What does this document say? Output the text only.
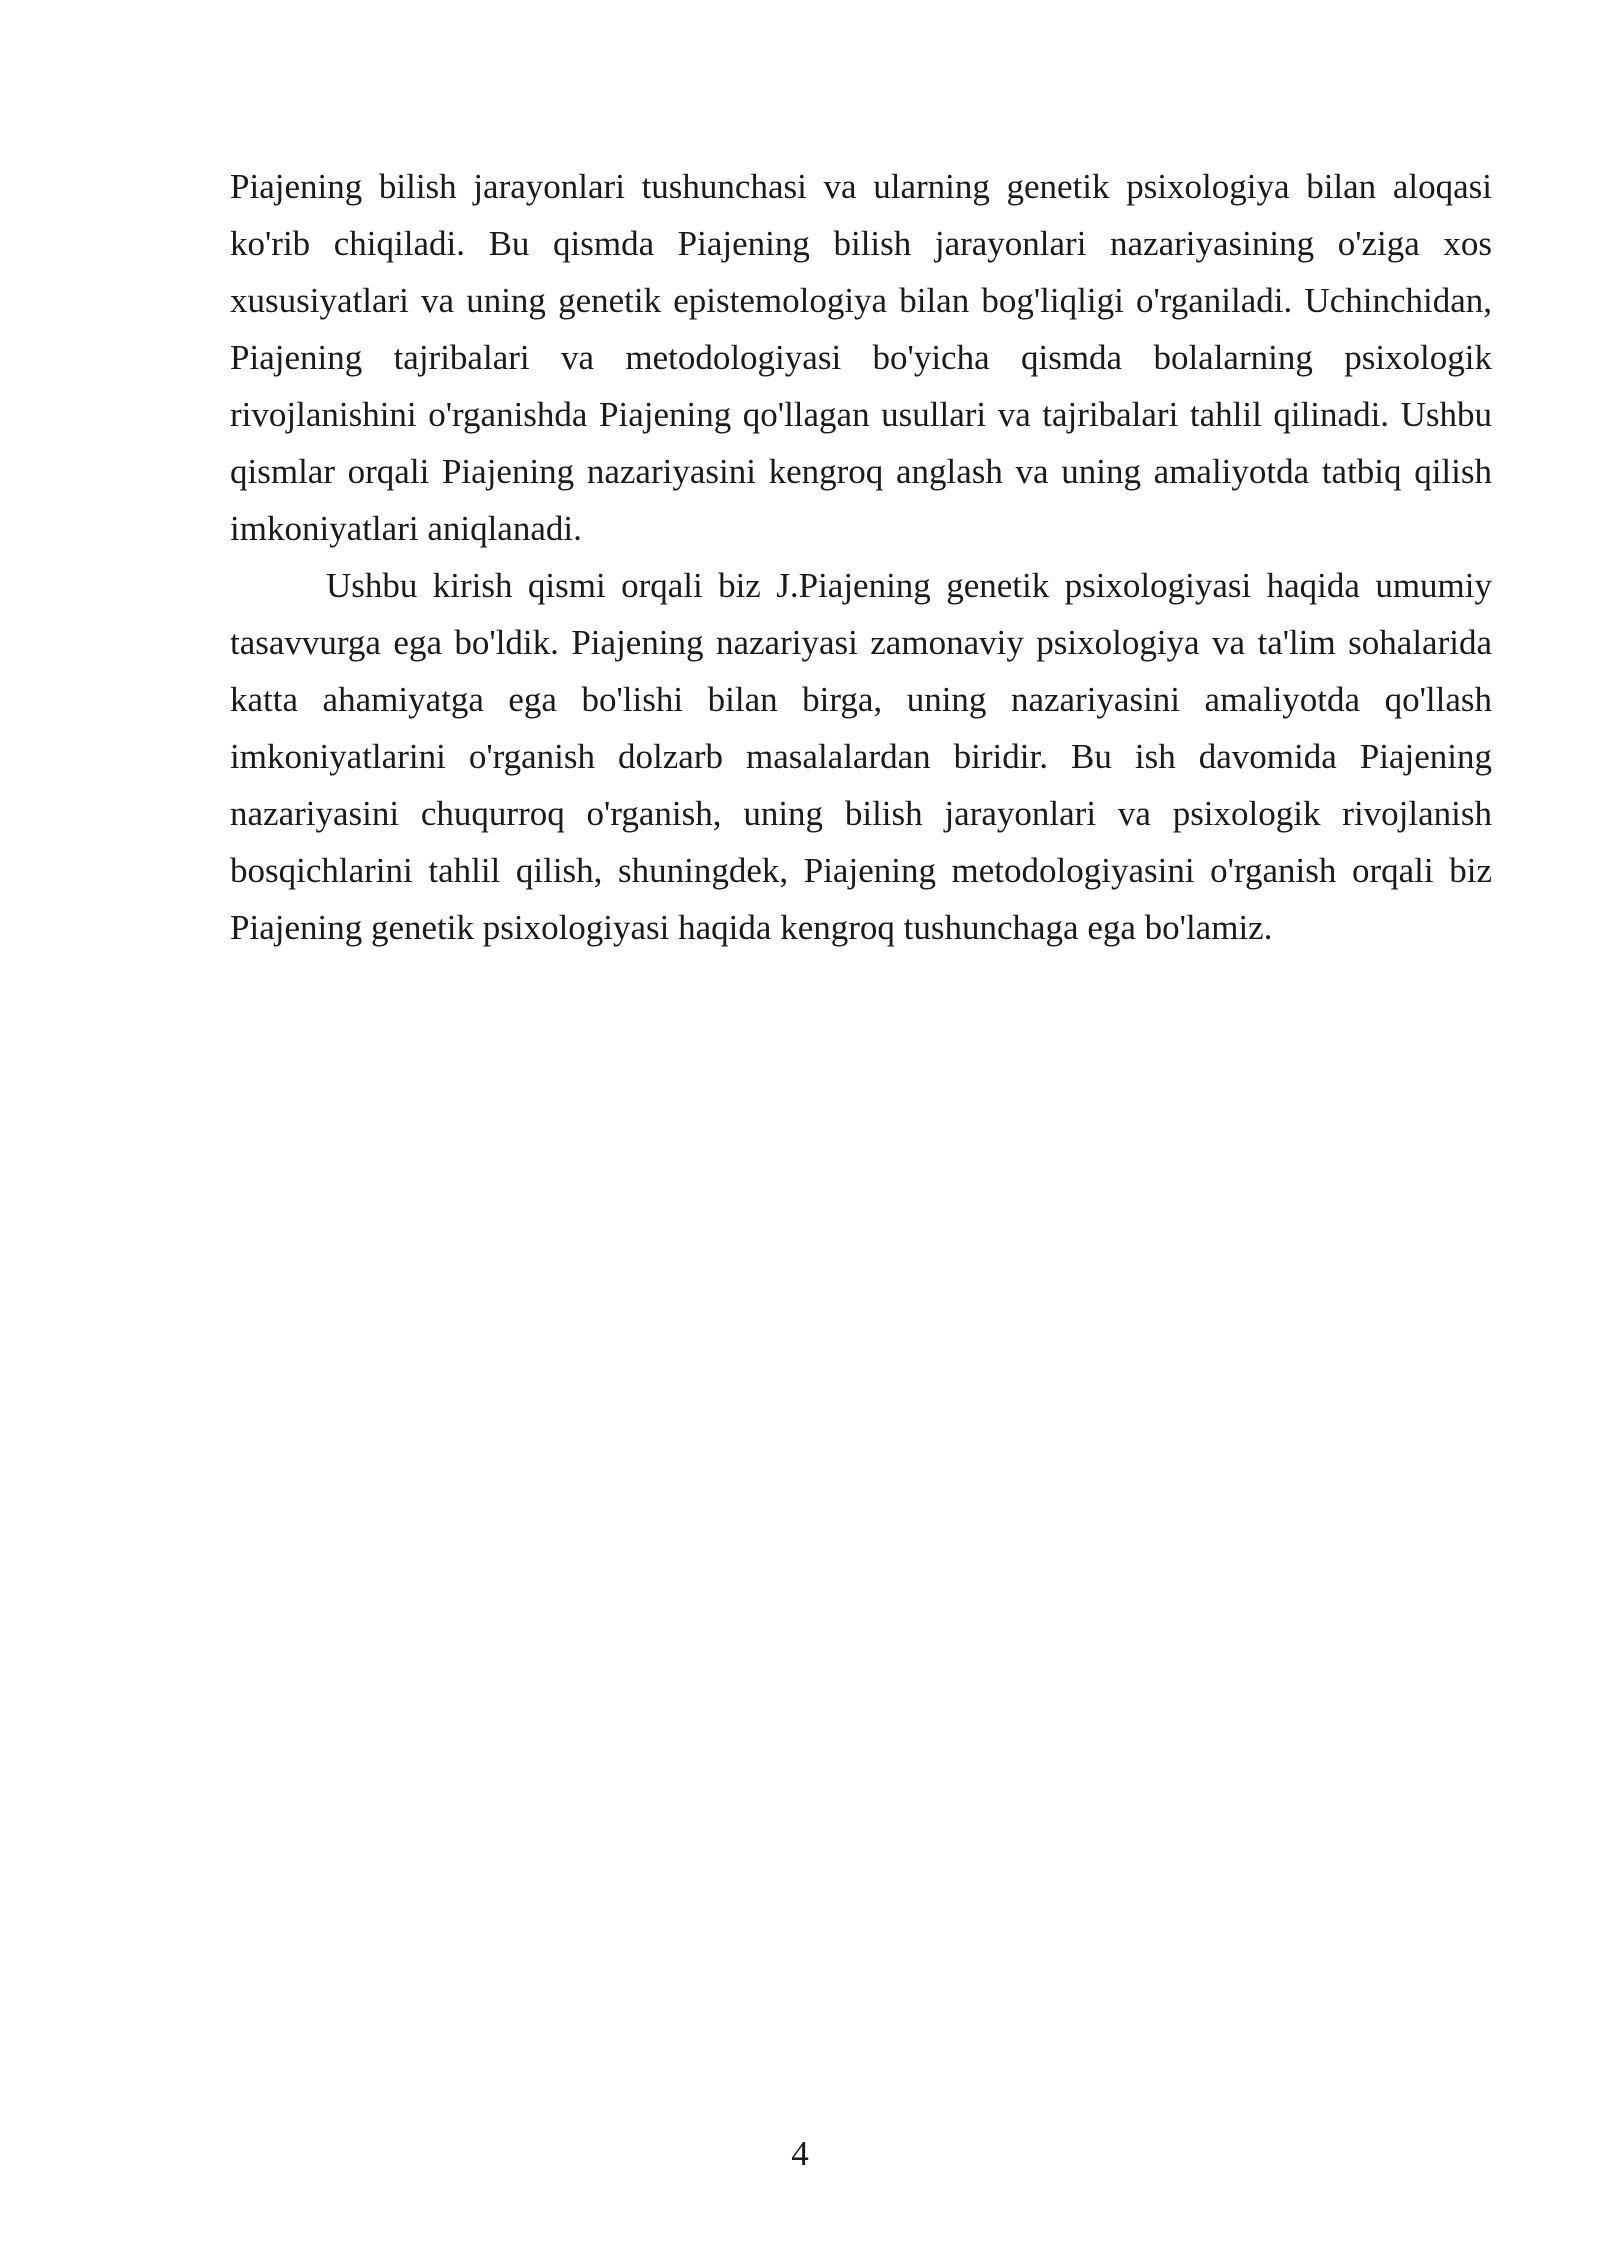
Piajening bilish jarayonlari tushunchasi va ularning genetik psixologiya bilan aloqasi ko'rib chiqiladi. Bu qismda Piajening bilish jarayonlari nazariyasining o'ziga xos xususiyatlari va uning genetik epistemologiya bilan bog'liqligi o'rganiladi. Uchinchidan, Piajening tajribalari va metodologiyasi bo'yicha qismda bolalarning psixologik rivojlanishini o'rganishda Piajening qo'llagan usullari va tajribalari tahlil qilinadi. Ushbu qismlar orqali Piajening nazariyasini kengroq anglash va uning amaliyotda tatbiq qilish imkoniyatlari aniqlanadi.

Ushbu kirish qismi orqali biz J.Piajening genetik psixologiyasi haqida umumiy tasavvurga ega bo'ldik. Piajening nazariyasi zamonaviy psixologiya va ta'lim sohalarida katta ahamiyatga ega bo'lishi bilan birga, uning nazariyasini amaliyotda qo'llash imkoniyatlarini o'rganish dolzarb masalalardan biridir. Bu ish davomida Piajening nazariyasini chuqurroq o'rganish, uning bilish jarayonlari va psixologik rivojlanish bosqichlarini tahlil qilish, shuningdek, Piajening metodologiyasini o'rganish orqali biz Piajening genetik psixologiyasi haqida kengroq tushunchaga ega bo'lamiz.

4
